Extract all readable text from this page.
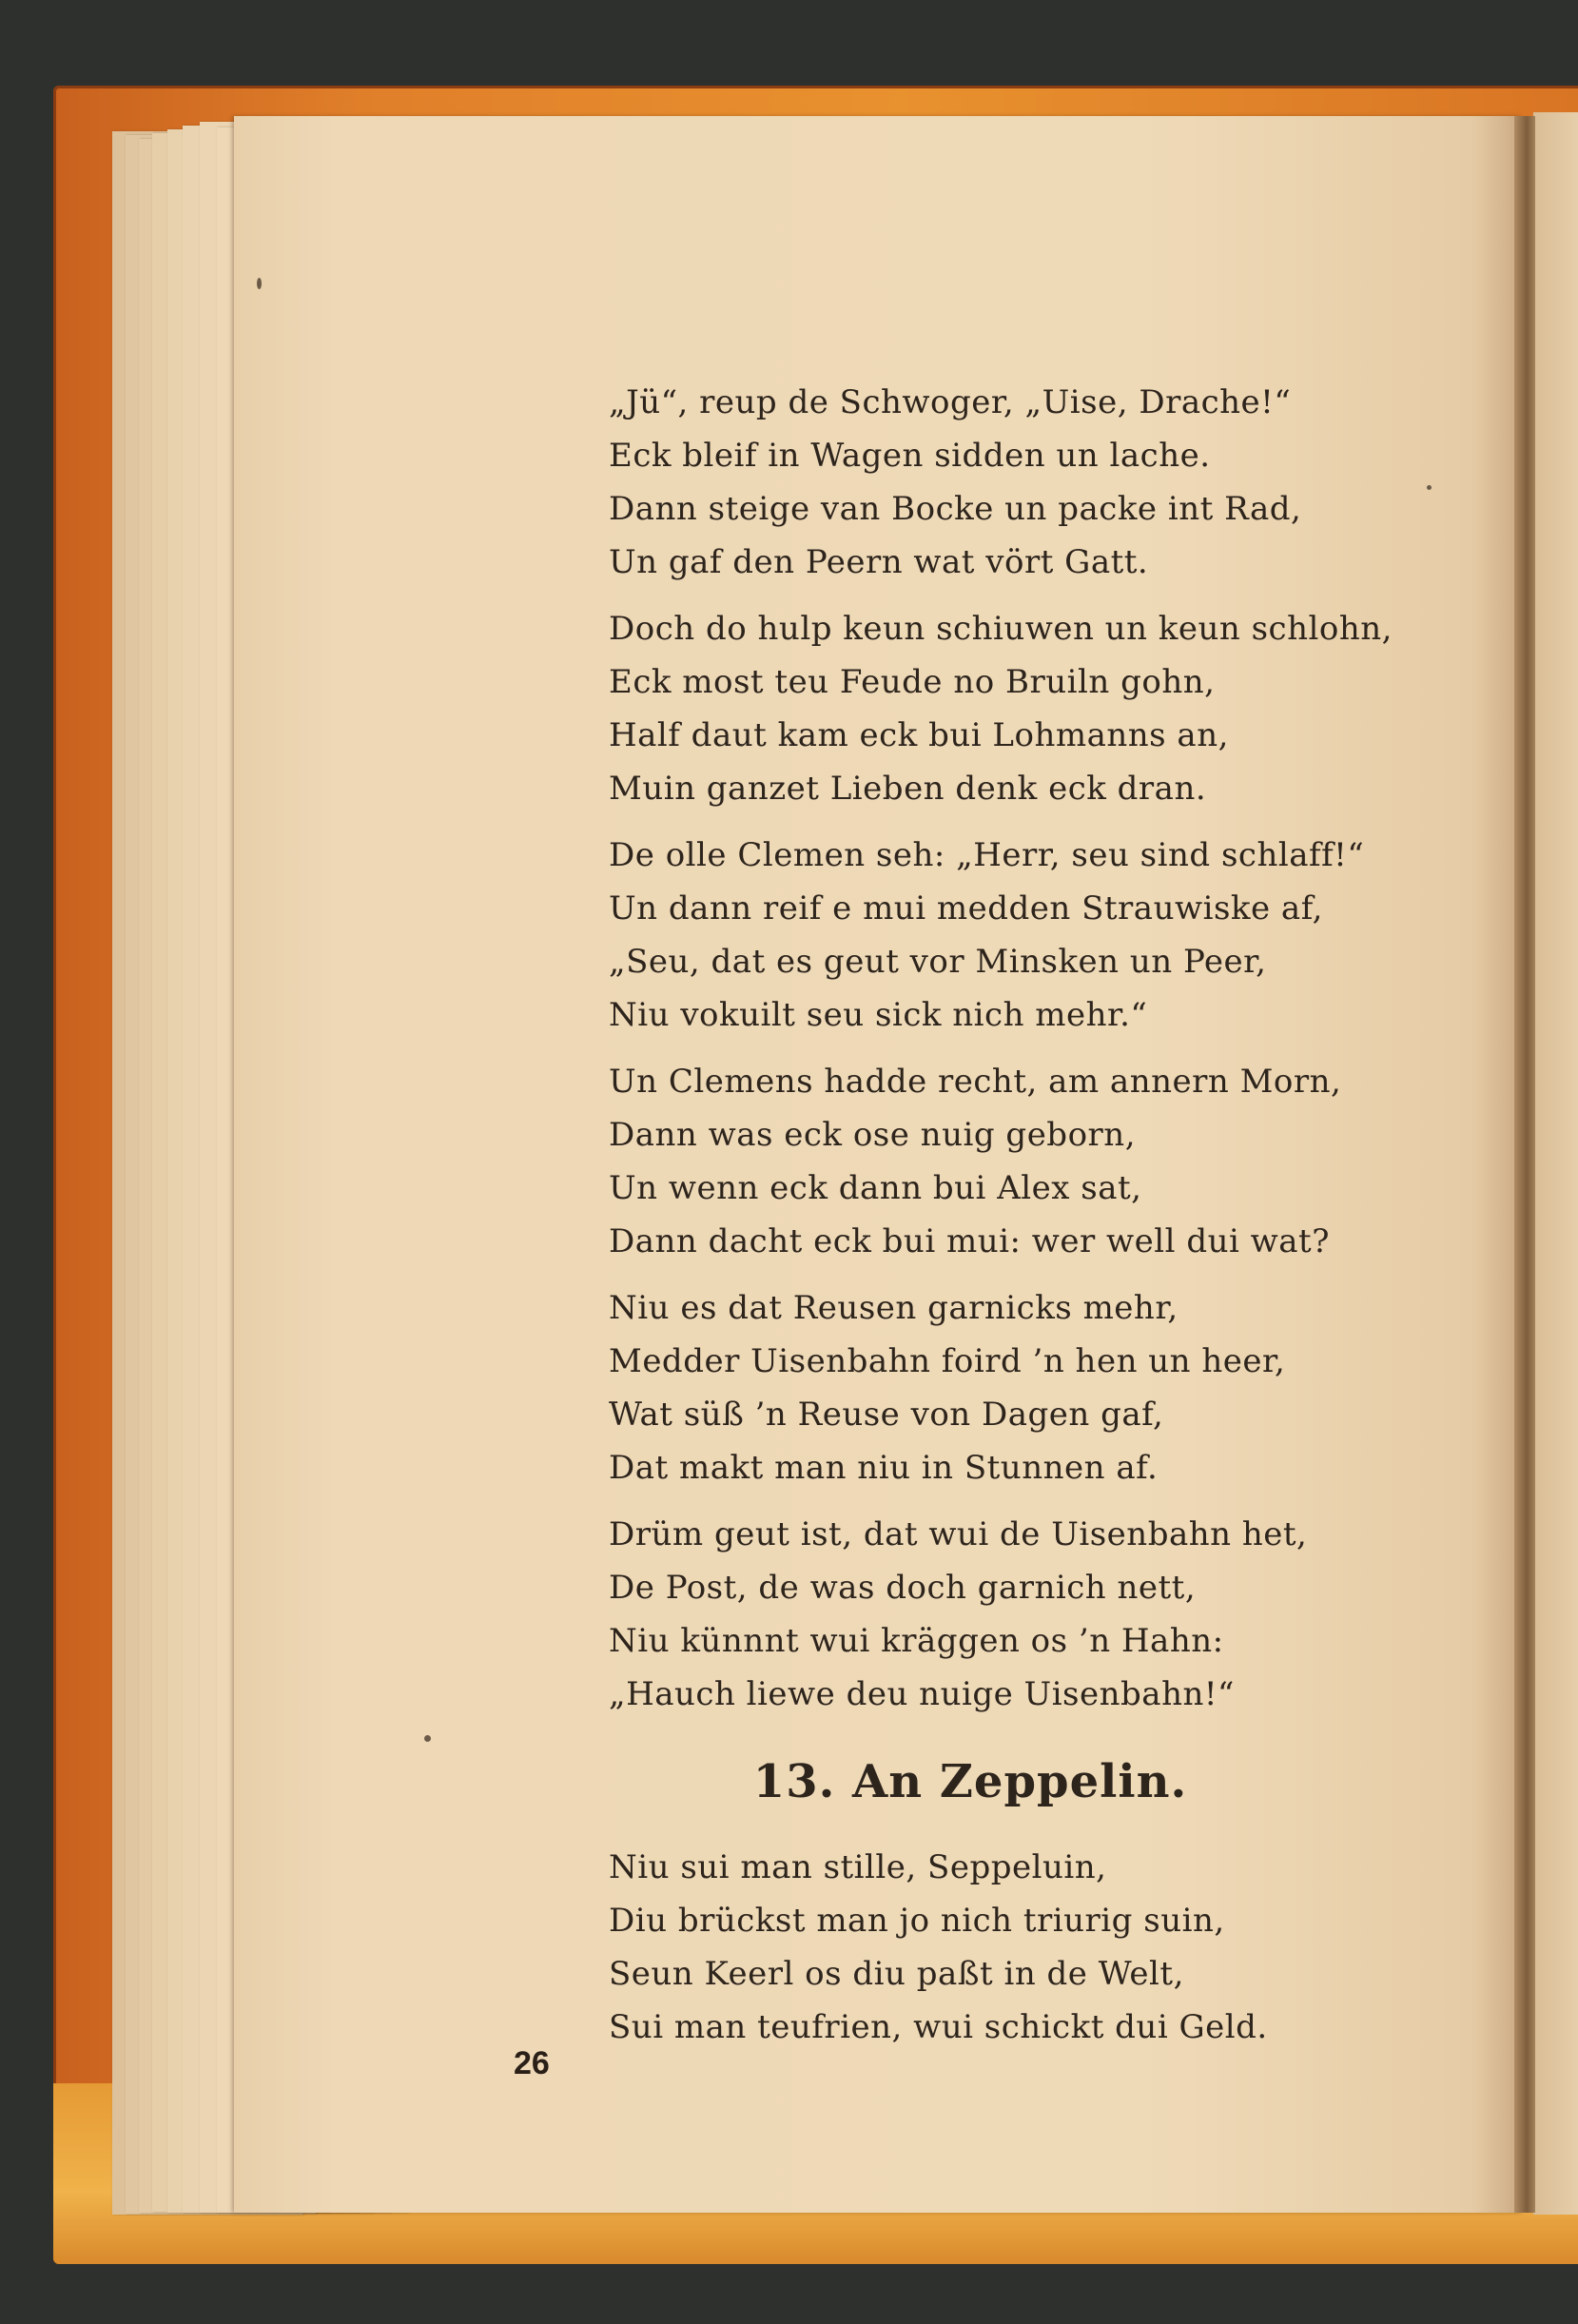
„Jü“, reup de Schwoger, „Uise, Drache!“
Eck bleif in Wagen sidden un lache.
Dann steige van Bocke un packe int Rad,
Un gaf den Peern wat vört Gatt.
Doch do hulp keun schiuwen un keun schlohn,
Eck most teu Feude no Bruiln gohn,
Half daut kam eck bui Lohmanns an,
Muin ganzet Lieben denk eck dran.
De olle Clemen seh: „Herr, seu sind schlaff!“
Un dann reif e mui medden Strauwiske af,
„Seu, dat es geut vor Minsken un Peer,
Niu vokuilt seu sick nich mehr.“
Un Clemens hadde recht, am annern Morn,
Dann was eck ose nuig geborn,
Un wenn eck dann bui Alex sat,
Dann dacht eck bui mui: wer well dui wat?
Niu es dat Reusen garnicks mehr,
Medder Uisenbahn foird ’n hen un heer,
Wat süß ’n Reuse von Dagen gaf,
Dat makt man niu in Stunnen af.
Drüm geut ist, dat wui de Uisenbahn het,
De Post, de was doch garnich nett,
Niu künnnt wui kräggen os ’n Hahn:
„Hauch liewe deu nuige Uisenbahn!“
13. An Zeppelin.
Niu sui man stille, Seppeluin,
Diu brückst man jo nich triurig suin,
Seun Keerl os diu paßt in de Welt,
Sui man teufrien, wui schickt dui Geld.
26
